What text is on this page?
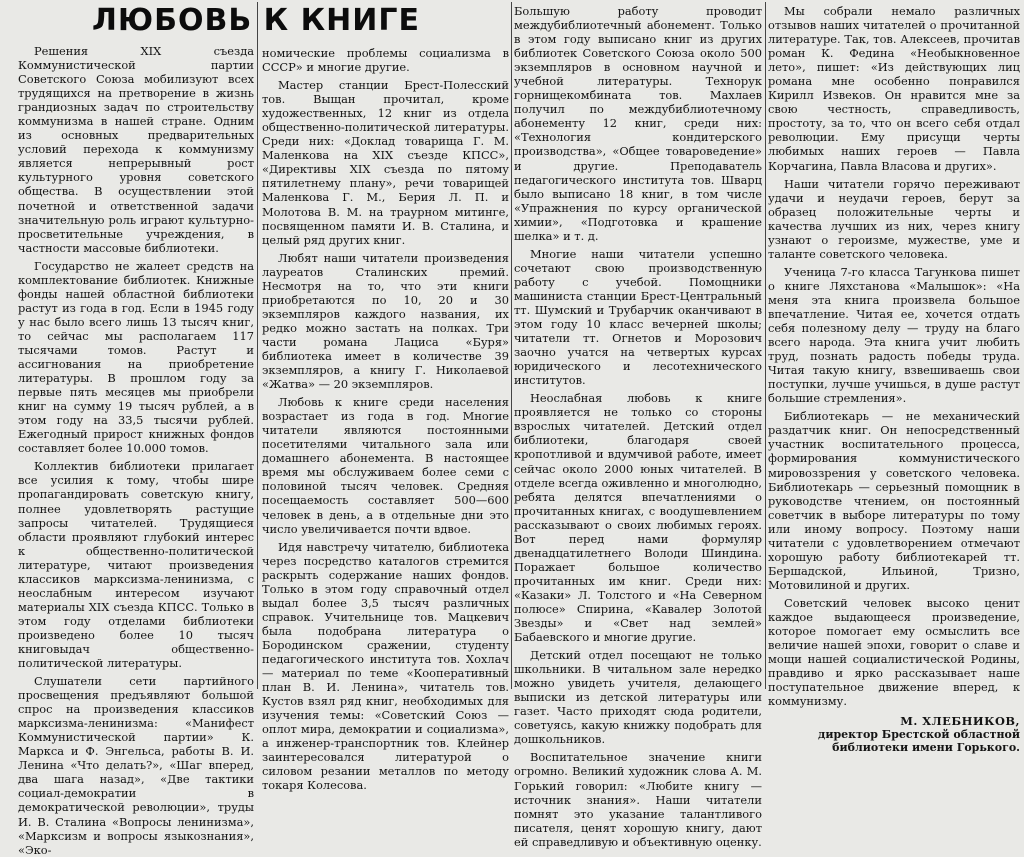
ЛЮБОВЬ К КНИГЕ

Решения XIX съезда Коммунистической партии Советского Союза мобилизуют всех трудящихся на претворение в жизнь грандиозных задач по строительству коммунизма в нашей стране. Одним из основных предварительных условий перехода к коммунизму является непрерывный рост культурного уровня советского общества. В осуществлении этой почетной и ответственной задачи значительную роль играют культурно-просветительные учреждения, в частности массовые библиотеки.

Государство не жалеет средств на комплектование библиотек. Книжные фонды нашей областной библиотеки растут из года в год. Если в 1945 году у нас было всего лишь 13 тысяч книг, то сейчас мы располагаем 117 тысячами томов. Растут и ассигнования на приобретение литературы. В прошлом году за первые пять месяцев мы приобрели книг на сумму 19 тысяч рублей, а в этом году на 33,5 тысячи рублей. Ежегодный прирост книжных фондов составляет более 10.000 томов.

Коллектив библиотеки прилагает все усилия к тому, чтобы шире пропагандировать советскую книгу, полнее удовлетворять растущие запросы читателей. Трудящиеся области проявляют глубокий интерес к общественно-политической литературе, читают произведения классиков марксизма-ленинизма, с неослабным интересом изучают материалы XIX съезда КПСС. Только в этом году отделами библиотеки произведено более 10 тысяч книговыдач общественно-политической литературы.

Слушатели сети партийного просвещения предъявляют большой спрос на произведения классиков марксизма-ленинизма: «Манифест Коммунистической партии» К. Маркса и Ф. Энгельса, работы В. И. Ленина «Что делать?», «Шаг вперед, два шага назад», «Две тактики социал-демократии в демократической революции», труды И. В. Сталина «Вопросы ленинизма», «Марксизм и вопросы языкознания», «Эко-

номические проблемы социализма в СССР» и многие другие.

Мастер станции Брест-Полесский тов. Выщан прочитал, кроме художественных, 12 книг из отдела общественно-политической литературы. Среди них: «Доклад товарища Г. М. Маленкова на XIX съезде КПСС», «Директивы XIX съезда по пятому пятилетнему плану», речи товарищей Маленкова Г. М., Берия Л. П. и Молотова В. М. на траурном митинге, посвященном памяти И. В. Сталина, и целый ряд других книг.

Любят наши читатели произведения лауреатов Сталинских премий. Несмотря на то, что эти книги приобретаются по 10, 20 и 30 экземпляров каждого названия, их редко можно застать на полках. Три части романа Лациса «Буря» библиотека имеет в количестве 39 экземпляров, а книгу Г. Николаевой «Жатва» — 20 экземпляров.

Любовь к книге среди населения возрастает из года в год. Многие читатели являются постоянными посетителями читального зала или домашнего абонемента. В настоящее время мы обслуживаем более семи с половиной тысяч человек. Средняя посещаемость составляет 500—600 человек в день, а в отдельные дни это число увеличивается почти вдвое.

Идя навстречу читателю, библиотека через посредство каталогов стремится раскрыть содержание наших фондов. Только в этом году справочный отдел выдал более 3,5 тысяч различных справок. Учительнице тов. Мацкевич была подобрана литература о Бородинском сражении, студенту педагогического института тов. Хохлач — материал по теме «Кооперативный план В. И. Ленина», читатель тов. Кустов взял ряд книг, необходимых для изучения темы: «Советский Союз — оплот мира, демократии и социализма», а инженер-транспортник тов. Клейнер заинтересовался литературой о силовом резании металлов по методу токаря Колесова.

Большую работу проводит междубиблиотечный абонемент. Только в этом году выписано книг из других библиотек Советского Союза около 500 экземпляров в основном научной и учебной литературы. Технорук горнищекомбината тов. Махлаев получил по междубиблиотечному абонементу 12 книг, среди них: «Технология кондитерского производства», «Общее товароведение» и другие. Преподаватель педагогического института тов. Шварц было выписано 18 книг, в том числе «Упражнения по курсу органической химии», «Подготовка и крашение шелка» и т. д.

Многие наши читатели успешно сочетают свою производственную работу с учебой. Помощники машиниста станции Брест-Центральный тт. Шумский и Трубарчик оканчивают в этом году 10 класс вечерней школы; читатели тт. Огнетов и Морозович заочно учатся на четвертых курсах юридического и лесотехнического институтов.

Неослабная любовь к книге проявляется не только со стороны взрослых читателей. Детский отдел библиотеки, благодаря своей кропотливой и вдумчивой работе, имеет сейчас около 2000 юных читателей. В отделе всегда оживленно и многолюдно, ребята делятся впечатлениями о прочитанных книгах, с воодушевлением рассказывают о своих любимых героях. Вот перед нами формуляр двенадцатилетнего Володи Шиндина. Поражает большое количество прочитанных им книг. Среди них: «Казаки» Л. Толстого и «На Северном полюсе» Спирина, «Кавалер Золотой Звезды» и «Свет над землей» Бабаевского и многие другие.

Детский отдел посещают не только школьники. В читальном зале нередко можно увидеть учителя, делающего выписки из детской литературы или газет. Часто приходят сюда родители, советуясь, какую книжку подобрать для дошкольников.

Воспитательное значение книги огромно. Великий художник слова А. М. Горький говорил: «Любите книгу — источник знания». Наши читатели помнят это указание талантливого писателя, ценят хорошую книгу, дают ей справедливую и объективную оценку.

Мы собрали немало различных отзывов наших читателей о прочитанной литературе. Так, тов. Алексеев, прочитав роман К. Федина «Необыкновенное лето», пишет: «Из действующих лиц романа мне особенно понравился Кирилл Извеков. Он нравится мне за свою честность, справедливость, простоту, за то, что он всего себя отдал революции. Ему присущи черты любимых наших героев — Павла Корчагина, Павла Власова и других».

Наши читатели горячо переживают удачи и неудачи героев, берут за образец положительные черты и качества лучших из них, через книгу узнают о героизме, мужестве, уме и таланте советского человека.

Ученица 7-го класса Тагункова пишет о книге Ляхстанова «Малышок»: «На меня эта книга произвела большое впечатление. Читая ее, хочется отдать себя полезному делу — труду на благо всего народа. Эта книга учит любить труд, познать радость победы труда. Читая такую книгу, взвешиваешь свои поступки, лучше учишься, в душе растут большие стремления».

Библиотекарь — не механический раздатчик книг. Он непосредственный участник воспитательного процесса, формирования коммунистического мировоззрения у советского человека. Библиотекарь — серьезный помощник в руководстве чтением, он постоянный советчик в выборе литературы по тому или иному вопросу. Поэтому наши читатели с удовлетворением отмечают хорошую работу библиотекарей тт. Бершадской, Ильиной, Тризно, Мотовилиной и других.

Советский человек высоко ценит каждое выдающееся произведение, которое помогает ему осмыслить все величие нашей эпохи, говорит о славе и мощи нашей социалистической Родины, правдиво и ярко рассказывает наше поступательное движение вперед, к коммунизму.

М. ХЛЕБНИКОВ,
директор Брестской областной
библиотеки имени Горького.
